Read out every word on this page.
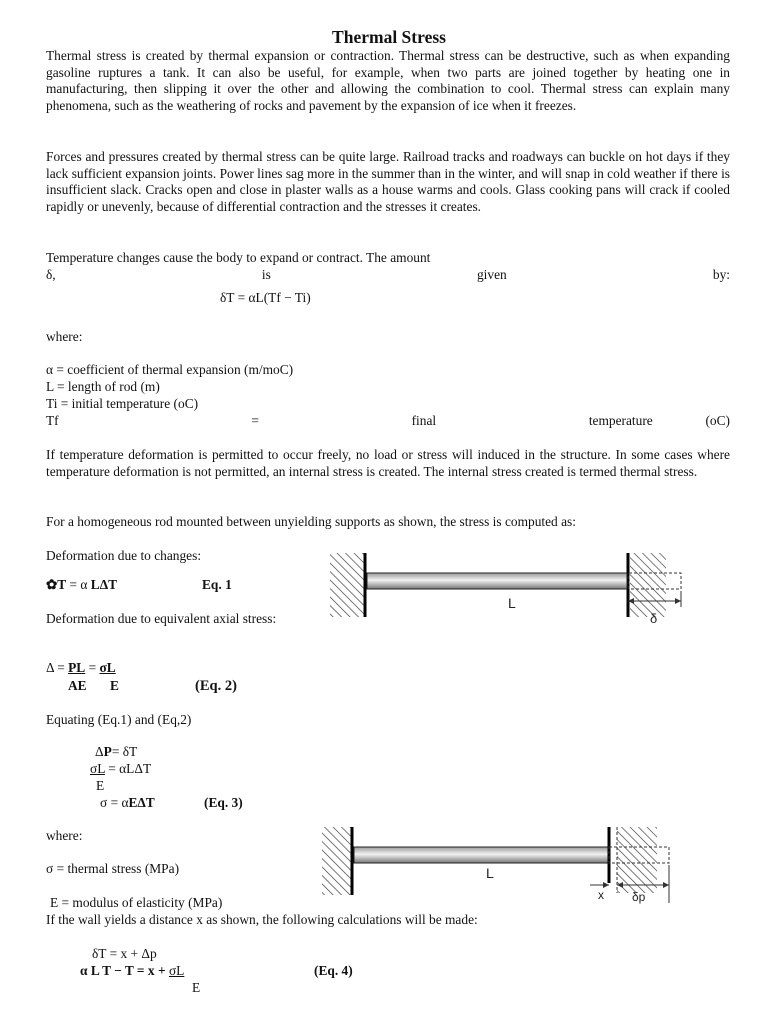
Thermal Stress
Thermal stress is created by thermal expansion or contraction. Thermal stress can be destructive, such as when expanding gasoline ruptures a tank. It can also be useful, for example, when two parts are joined together by heating one in manufacturing, then slipping it over the other and allowing the combination to cool. Thermal stress can explain many phenomena, such as the weathering of rocks and pavement by the expansion of ice when it freezes.
Forces and pressures created by thermal stress can be quite large. Railroad tracks and roadways can buckle on hot days if they lack sufficient expansion joints. Power lines sag more in the summer than in the winter, and will snap in cold weather if there is insufficient slack. Cracks open and close in plaster walls as a house warms and cools. Glass cooking pans will crack if cooled rapidly or unevenly, because of differential contraction and the stresses it creates.
Temperature changes cause the body to expand or contract. The amount
δ,	is	given	by:
δT = αL(Tf − Ti)
where:
α = coefficient of thermal expansion (m/moC)
L = length of rod (m)
Ti = initial temperature (oC)
Tf	=	final	temperature	(oC)
If temperature deformation is permitted to occur freely, no load or stress will induced in the structure. In some cases where temperature deformation is not permitted, an internal stress is created. The internal stress created is termed thermal stress.
For a homogeneous rod mounted between unyielding supports as shown, the stress is computed as:
Deformation due to changes:
✿T = α LΔT	Eq. 1
Deformation due to equivalent axial stress:
Δ = PL = σL
AE E	(Eq. 2)
Equating (Eq.1) and (Eq,2)
ΔP= δT
σL = αLΔT
E
σ = αEΔT	(Eq. 3)
where:
σ = thermal stress (MPa)
E = modulus of elasticity (MPa)
If the wall yields a distance x as shown, the following calculations will be made:
δT = x + Δp
α L T − T = x + σL	(Eq. 4)
E
L
δ
L
x δp
